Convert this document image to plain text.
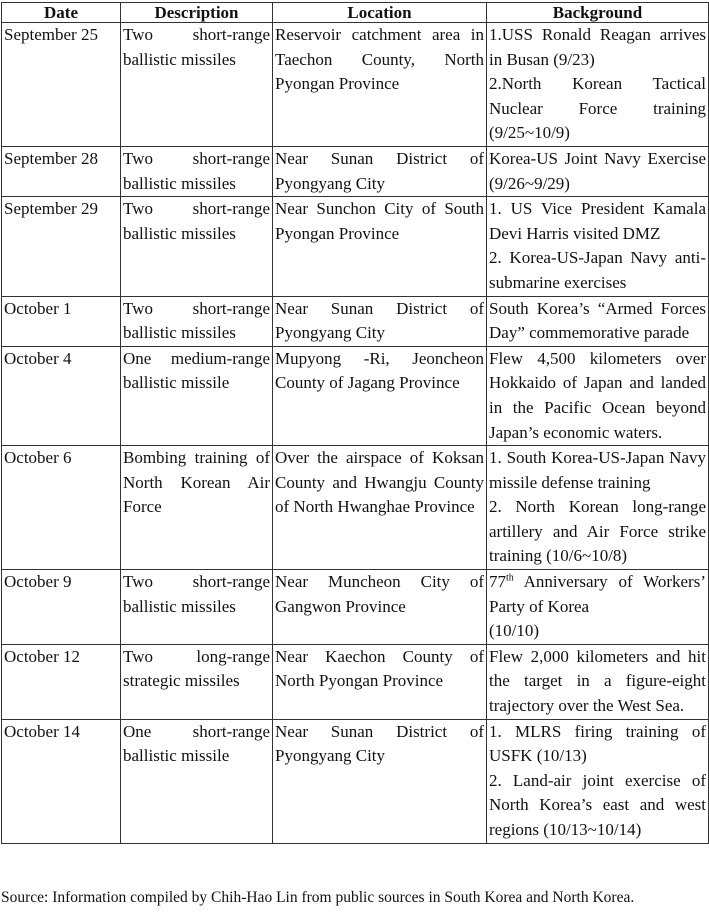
Date	Description	Location	Background
September 25	Two short-range ballistic missiles	Reservoir catchment area in Taechon County, North Pyongan Province	1.USS Ronald Reagan arrives in Busan (9/23)
2.North Korean Tactical Nuclear Force training (9/25~10/9)

September 28	Two short-range ballistic missiles	Near Sunan District of Pyongyang City	Korea-US Joint Navy Exercise (9/26~9/29)

September 29	Two short-range ballistic missiles	Near Sunchon City of South Pyongan Province	1. US Vice President Kamala Devi Harris visited DMZ
2. Korea-US-Japan Navy anti-submarine exercises

October 1	Two short-range ballistic missiles	Near Sunan District of Pyongyang City	South Korea’s “Armed Forces Day” commemorative parade

October 4	One medium-range ballistic missile	Mupyong -Ri, Jeoncheon County of Jagang Province	Flew 4,500 kilometers over Hokkaido of Japan and landed in the Pacific Ocean beyond Japan’s economic waters.

October 6	Bombing training of North Korean Air Force	Over the airspace of Koksan County and Hwangju County of North Hwanghae Province	1. South Korea-US-Japan Navy missile defense training
2. North Korean long-range artillery and Air Force strike training (10/6~10/8)

October 9	Two short-range ballistic missiles	Near Muncheon City of Gangwon Province	77th Anniversary of Workers’ Party of Korea
(10/10)

October 12	Two long-range strategic missiles	Near Kaechon County of North Pyongan Province	Flew 2,000 kilometers and hit the target in a figure-eight trajectory over the West Sea.

October 14	One short-range ballistic missile	Near Sunan District of Pyongyang City	1. MLRS firing training of USFK (10/13)
2. Land-air joint exercise of North Korea’s east and west regions (10/13~10/14)
Source: Information compiled by Chih-Hao Lin from public sources in South Korea and North Korea.
